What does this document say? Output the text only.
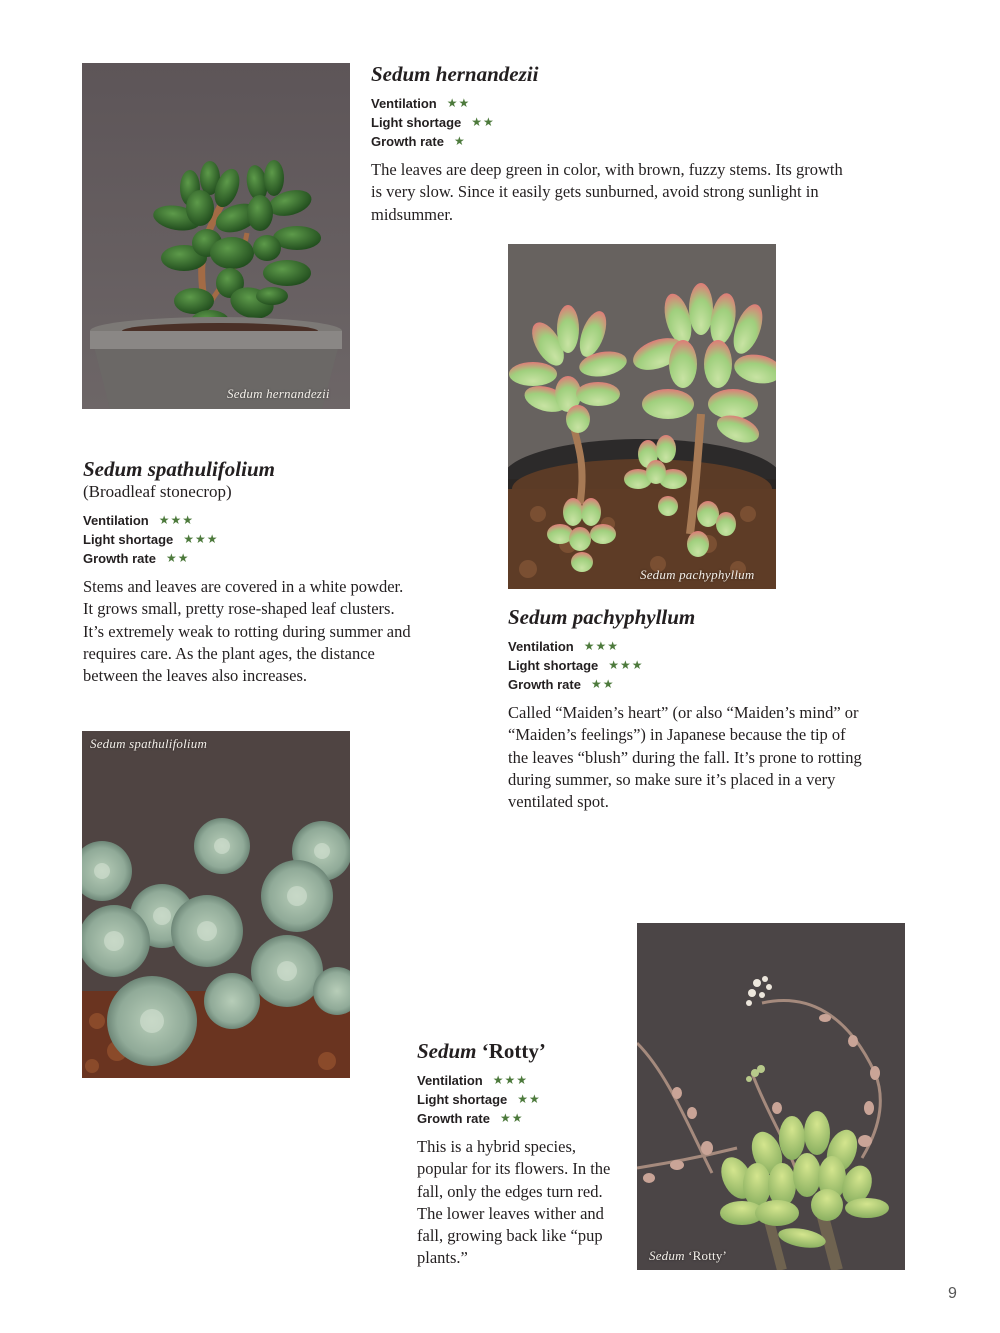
Sedum hernandezii
Sedum hernandezii
Ventilation ★★
Light shortage ★★
Growth rate ★

The leaves are deep green in color, with brown, fuzzy stems. Its growth is very slow. Since it easily gets sunburned, avoid strong sunlight in midsummer.

Sedum pachyphyllum
Sedum spathulifolium

(Broadleaf stonecrop)

Ventilation ★★★
Light shortage ★★★
Growth rate ★★

Stems and leaves are covered in a white powder. It grows small, pretty rose-shaped leaf clusters. It’s extremely weak to rotting during summer and requires care. As the plant ages, the distance between the leaves also increases.

Sedum pachyphyllum
Ventilation ★★★
Light shortage ★★★
Growth rate ★★

Called “Maiden’s heart” (or also “Maiden’s mind” or “Maiden’s feelings”) in Japanese because the tip of the leaves “blush” during the fall. It’s prone to rotting during summer, so make sure it’s placed in a very ventilated spot.

Sedum spathulifolium
Sedum ‘Rotty’
Ventilation ★★★
Light shortage ★★
Growth rate ★★

This is a hybrid species, popular for its flowers. In the fall, only the edges turn red. The lower leaves wither and fall, growing back like “pup plants.”	Sedum ‘Rotty’
9
